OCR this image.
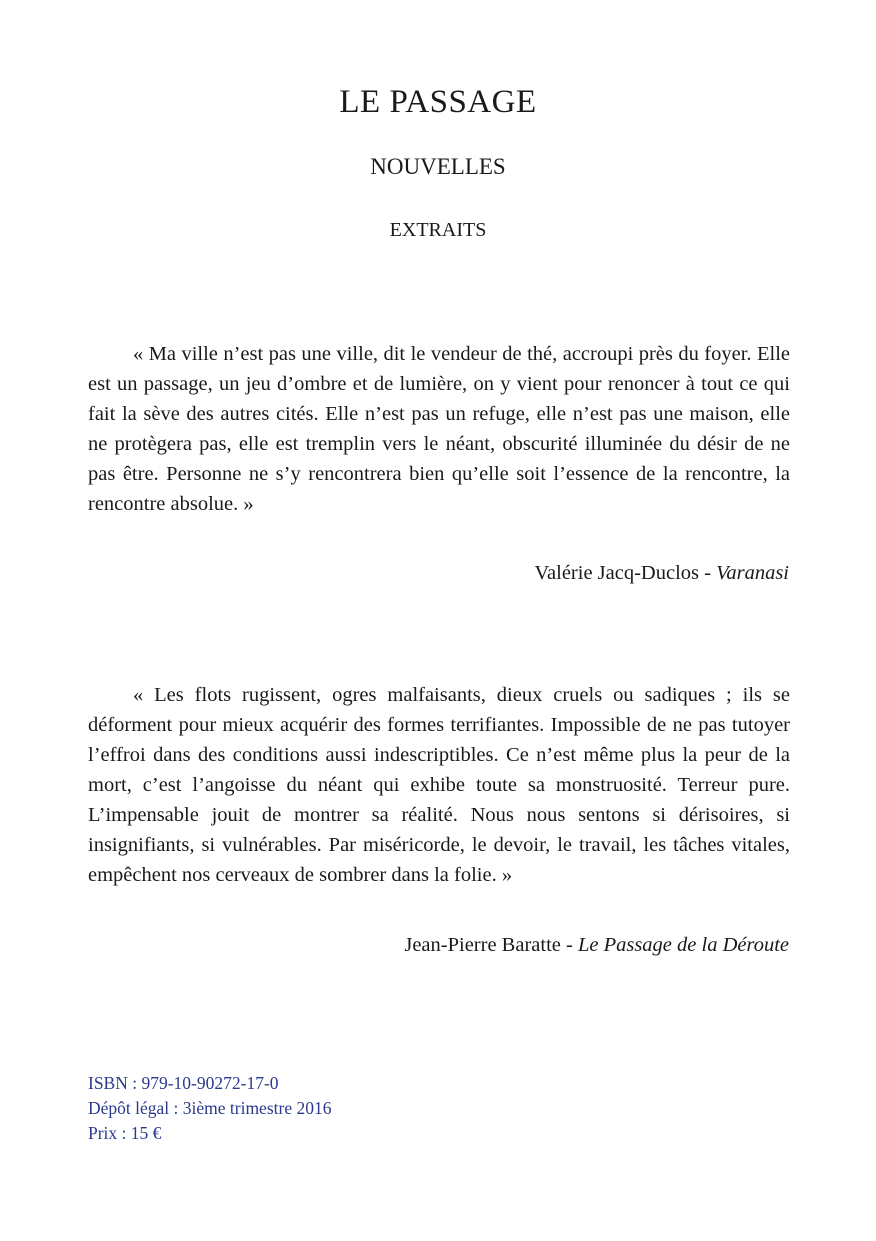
LE PASSAGE
NOUVELLES
EXTRAITS

« Ma ville n’est pas une ville, dit le vendeur de thé, accroupi près du foyer. Elle est un passage, un jeu d’ombre et de lumière, on y vient pour renoncer à tout ce qui fait la sève des autres cités. Elle n’est pas un refuge, elle n’est pas une maison, elle ne protègera pas, elle est tremplin vers le néant, obscurité illuminée du désir de ne pas être. Personne ne s’y rencontrera bien qu’elle soit l’essence de la rencontre, la rencontre absolue. »

Valérie Jacq-Duclos - Varanasi

« Les flots rugissent, ogres malfaisants, dieux cruels ou sadiques ; ils se déforment pour mieux acquérir des formes terrifiantes. Impossible de ne pas tutoyer l’effroi dans des conditions aussi indescriptibles. Ce n’est même plus la peur de la mort, c’est l’angoisse du néant qui exhibe toute sa monstruosité. Terreur pure. L’impensable jouit de montrer sa réalité. Nous nous sentons si dérisoires, si insignifiants, si vulnérables. Par miséricorde, le devoir, le travail, les tâches vitales, empêchent nos cerveaux de sombrer dans la folie. »

Jean-Pierre Baratte - Le Passage de la Déroute
ISBN : 979-10-90272-17-0
Dépôt légal : 3ième trimestre 2016
Prix : 15 €
